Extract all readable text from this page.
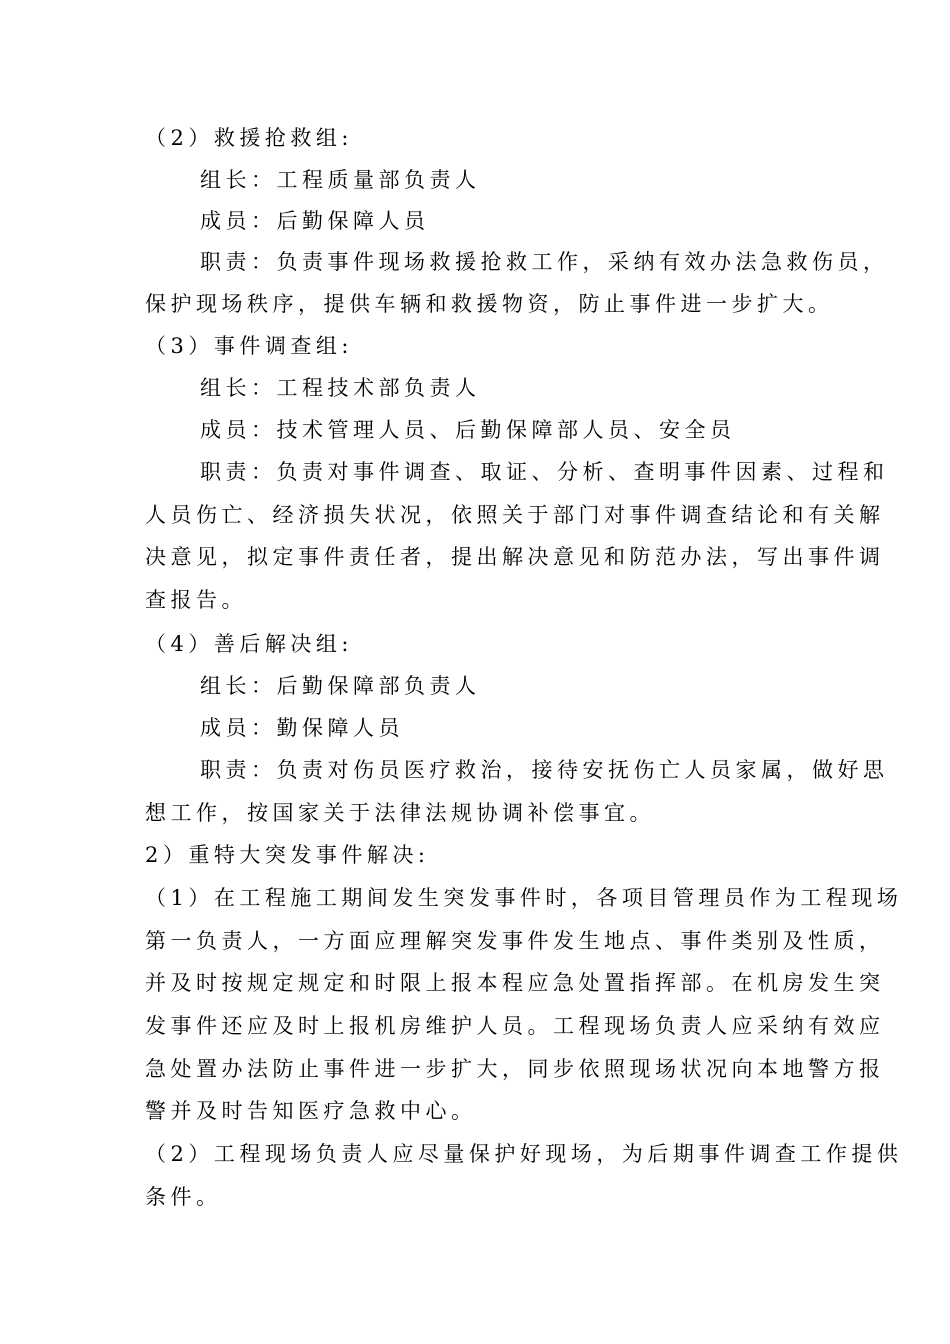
（2）救援抢救组:
组长：工程质量部负责人
成员：后勤保障人员
职责：负责事件现场救援抢救工作，采纳有效办法急救伤员，
保护现场秩序，提供车辆和救援物资，防止事件进一步扩大。
（3）事件调查组:
组长：工程技术部负责人
成员：技术管理人员、后勤保障部人员、安全员
职责：负责对事件调查、取证、分析、查明事件因素、过程和
人员伤亡、经济损失状况，依照关于部门对事件调查结论和有关解
决意见，拟定事件责任者，提出解决意见和防范办法，写出事件调
查报告。
（4）善后解决组:
组长：后勤保障部负责人
成员：勤保障人员
职责：负责对伤员医疗救治，接待安抚伤亡人员家属，做好思
想工作，按国家关于法律法规协调补偿事宜。
2）重特大突发事件解决:
（1）在工程施工期间发生突发事件时，各项目管理员作为工程现场
第一负责人，一方面应理解突发事件发生地点、事件类别及性质，
并及时按规定规定和时限上报本程应急处置指挥部。在机房发生突
发事件还应及时上报机房维护人员。工程现场负责人应采纳有效应
急处置办法防止事件进一步扩大，同步依照现场状况向本地警方报
警并及时告知医疗急救中心。
（2）工程现场负责人应尽量保护好现场，为后期事件调查工作提供
条件。
